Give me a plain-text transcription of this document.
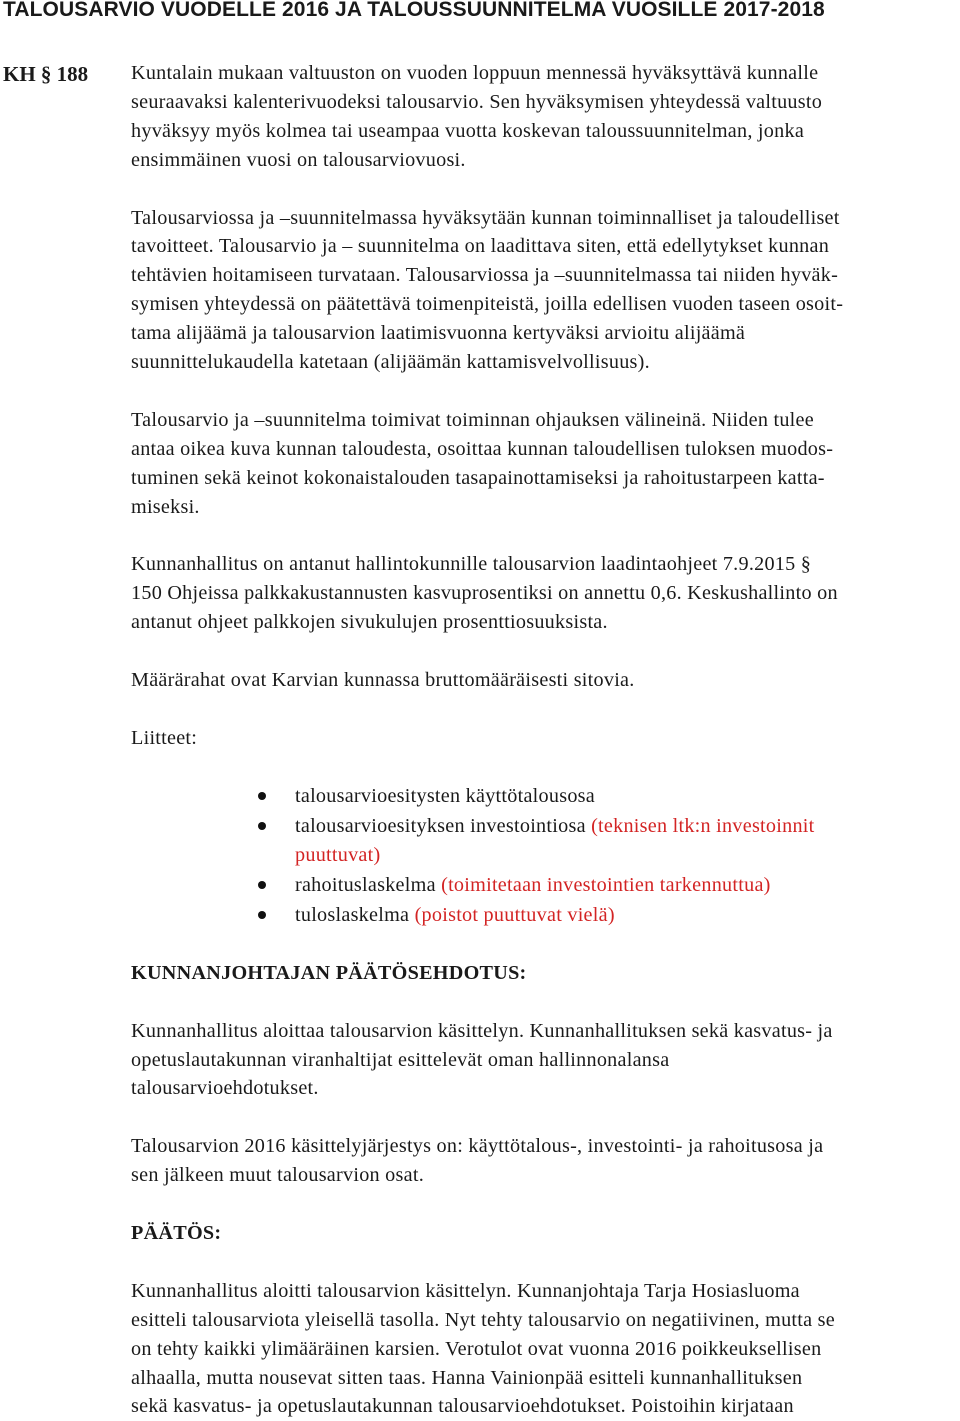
TALOUSARVIO VUODELLE 2016 JA TALOUSSUUNNITELMA VUOSILLE 2017-2018
KH § 188 Kuntalain mukaan valtuuston on vuoden loppuun mennessä hyväksyttävä kunnalle
seuraavaksi kalenterivuodeksi talousarvio. Sen hyväksymisen yhteydessä valtuusto
hyväksyy myös kolmea tai useampaa vuotta koskevan taloussuunnitelman, jonka
ensimmäinen vuosi on talousarviovuosi.

Talousarviossa ja –suunnitelmassa hyväksytään kunnan toiminnalliset ja taloudelliset
tavoitteet. Talousarvio ja – suunnitelma on laadittava siten, että edellytykset kunnan
tehtävien hoitamiseen turvataan. Talousarviossa ja –suunnitelmassa tai niiden hyväk-
symisen yhteydessä on päätettävä toimenpiteistä, joilla edellisen vuoden taseen osoit-
tama alijäämä ja talousarvion laatimisvuonna kertyväksi arvioitu alijäämä
suunnittelukaudella katetaan (alijäämän kattamisvelvollisuus).

Talousarvio ja –suunnitelma toimivat toiminnan ohjauksen välineinä. Niiden tulee
antaa oikea kuva kunnan taloudesta, osoittaa kunnan taloudellisen tuloksen muodos-
tuminen sekä keinot kokonaistalouden tasapainottamiseksi ja rahoitustarpeen katta-
miseksi.

Kunnanhallitus on antanut hallintokunnille talousarvion laadintaohjeet 7.9.2015 §
150 Ohjeissa palkkakustannusten kasvuprosentiksi on annettu 0,6. Keskushallinto on
antanut ohjeet palkkojen sivukulujen prosenttiosuuksista.

Määrärahat ovat Karvian kunnassa bruttomääräisesti sitovia.

Liitteet:

talousarvioesitysten käyttötalousosa
talousarvioesityksen investointiosa (teknisen ltk:n investoinnit
puuttuvat)
rahoituslaskelma (toimitetaan investointien tarkennuttua)
tuloslaskelma (poistot puuttuvat vielä)

KUNNANJOHTAJAN PÄÄTÖSEHDOTUS:

Kunnanhallitus aloittaa talousarvion käsittelyn. Kunnanhallituksen sekä kasvatus- ja
opetuslautakunnan viranhaltijat esittelevät oman hallinnonalansa
talousarvioehdotukset.

Talousarvion 2016 käsittelyjärjestys on: käyttötalous-, investointi- ja rahoitusosa ja
sen jälkeen muut talousarvion osat.

PÄÄTÖS:

Kunnanhallitus aloitti talousarvion käsittelyn. Kunnanjohtaja Tarja Hosiasluoma
esitteli talousarviota yleisellä tasolla. Nyt tehty talousarvio on negatiivinen, mutta se
on tehty kaikki ylimääräinen karsien. Verotulot ovat vuonna 2016 poikkeuksellisen
alhaalla, mutta nousevat sitten taas. Hanna Vainionpää esitteli kunnanhallituksen
sekä kasvatus- ja opetuslautakunnan talousarvioehdotukset. Poistoihin kirjataan
